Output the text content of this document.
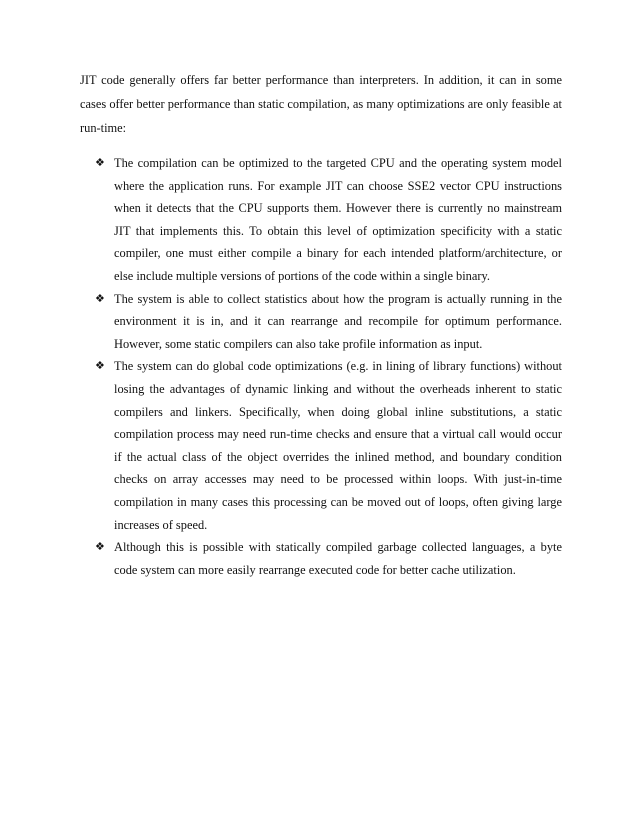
JIT code generally offers far better performance than interpreters. In addition, it can in some cases offer better performance than static compilation, as many optimizations are only feasible at run-time:

❖ The compilation can be optimized to the targeted CPU and the operating system model where the application runs. For example JIT can choose SSE2 vector CPU instructions when it detects that the CPU supports them. However there is currently no mainstream JIT that implements this. To obtain this level of optimization specificity with a static compiler, one must either compile a binary for each intended platform/architecture, or else include multiple versions of portions of the code within a single binary.
❖ The system is able to collect statistics about how the program is actually running in the environment it is in, and it can rearrange and recompile for optimum performance. However, some static compilers can also take profile information as input.
❖ The system can do global code optimizations (e.g. in lining of library functions) without losing the advantages of dynamic linking and without the overheads inherent to static compilers and linkers. Specifically, when doing global inline substitutions, a static compilation process may need run-time checks and ensure that a virtual call would occur if the actual class of the object overrides the inlined method, and boundary condition checks on array accesses may need to be processed within loops. With just-in-time compilation in many cases this processing can be moved out of loops, often giving large increases of speed.
❖ Although this is possible with statically compiled garbage collected languages, a byte code system can more easily rearrange executed code for better cache utilization.
